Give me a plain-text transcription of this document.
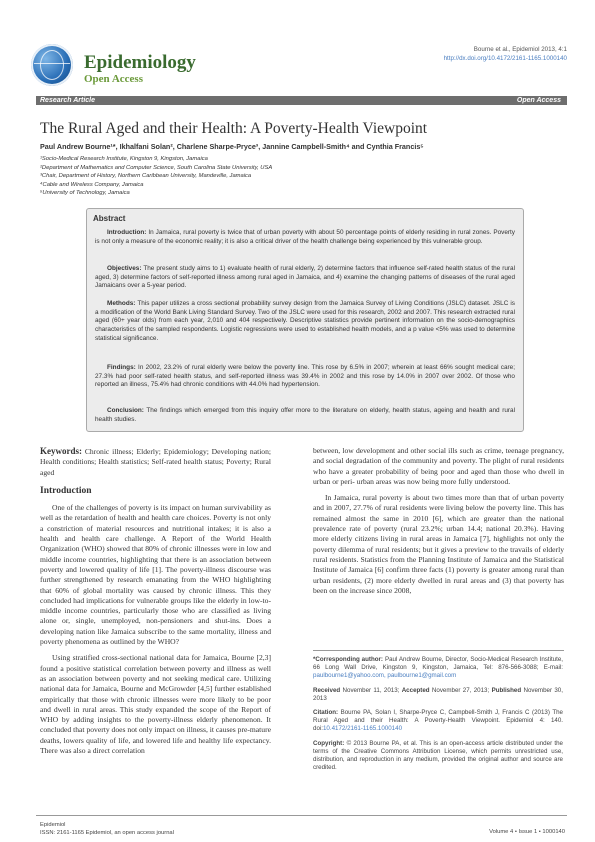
Epidemiology
Open Access
Bourne et al., Epidemiol 2013, 4:1
http://dx.doi.org/10.4172/2161-1165.1000140
Research Article	Open Access
The Rural Aged and their Health: A Poverty-Health Viewpoint
Paul Andrew Bourne¹*, Ikhalfani Solan², Charlene Sharpe-Pryce³, Jannine Campbell-Smith⁴ and Cynthia Francis⁵
¹Socio-Medical Research Institute, Kingston 9, Kingston, Jamaica
²Department of Mathematics and Computer Science, South Carolina State University, USA
³Chair, Department of History, Northern Caribbean University, Mandeville, Jamaica
⁴Cable and Wireless Company, Jamaica
⁵University of Technology, Jamaica
Abstract

Introduction: In Jamaica, rural poverty is twice that of urban poverty with about 50 percentage points of elderly residing in rural zones. Poverty is not only a measure of the economic reality; it is also a critical driver of the health challenge being experienced by this vulnerable group.

Objectives: The present study aims to 1) evaluate health of rural elderly, 2) determine factors that influence self-rated health status of the rural aged, 3) determine factors of self-reported illness among rural aged in Jamaica, and 4) examine the changing patterns of diseases of the rural aged Jamaicans over a 5-year period.

Methods: This paper utilizes a cross sectional probability survey design from the Jamaica Survey of Living Conditions (JSLC) dataset. JSLC is a modification of the World Bank Living Standard Survey. Two of the JSLC were used for this research, 2002 and 2007. This research extracted rural aged (60+ year olds) from each year, 2,010 and 404 respectively. Descriptive statistics provide pertinent information on the socio-demographics characteristics of the sampled respondents. Logistic regressions were used to established health models, and a p value <5% was used to determine statistical significance.

Findings: In 2002, 23.2% of rural elderly were below the poverty line. This rose by 6.5% in 2007; wherein at least 66% sought medical care; 27.3% had poor self-rated health status, and self-reported illness was 39.4% in 2002 and this rose by 14.0% in 2007 over 2002. Of those who reported an illness, 75.4% had chronic conditions with 44.0% had hypertension.

Conclusion: The findings which emerged from this inquiry offer more to the literature on elderly, health status, ageing and health and rural health studies.

Keywords: Chronic illness; Elderly; Epidemiology; Developing nation; Health conditions; Health statistics; Self-rated health status; Poverty; Rural aged
Introduction

One of the challenges of poverty is its impact on human survivability as well as the retardation of health and health care choices. Poverty is not only a constriction of material resources and nutritional intakes; it is also a health and health care challenge. A Report of the World Health Organization (WHO) showed that 80% of chronic illnesses were in low and middle income countries, highlighting that there is an association between poverty and lowered quality of life [1]. The poverty-illness discourse was further strengthened by research emanating from the WHO highlighting that 60% of global mortality was caused by chronic illness. This they concluded had implications for vulnerable groups like the elderly in low-to-middle income countries, particularly those who are classified as living alone or, single, unemployed, non-pensioners and shut-ins. Does a developing nation like Jamaica subscribe to the same mortality, illness and poverty phenomena as outlined by the WHO?

Using stratified cross-sectional national data for Jamaica, Bourne [2,3] found a positive statistical correlation between poverty and illness as well as an association between poverty and not seeking medical care. Utilizing national data for Jamaica, Bourne and McGrowder [4,5] further established empirically that those with chronic illnesses were more likely to be poor and dwell in rural areas. This study expanded the scope of the Report of WHO by adding insights to the poverty-illness elderly phenomenon. It concluded that poverty does not only impact on illness, it causes pre-mature deaths, lowers quality of life, and lowered life and healthy life expectancy. There was also a direct correlation

between, low development and other social ills such as crime, teenage pregnancy, and social degradation of the community and poverty. The plight of rural residents who have a greater probability of being poor and aged than those who dwell in urban or peri- urban areas was now being more fully understood.

In Jamaica, rural poverty is about two times more than that of urban poverty and in 2007, 27.7% of rural residents were living below the poverty line. This has remained almost the same in 2010 [6], which are greater than the national prevalence rate of poverty (rural 23.2%; urban 14.4; national 20.3%). Having more elderly citizens living in rural areas in Jamaica [7], highlights not only the poverty dilemma of rural residents; but it gives a preview to the travails of elderly rural residents. Statistics from the Planning Institute of Jamaica and the Statistical Institute of Jamaica [6] confirm three facts (1) poverty is greater among rural than urban residents, (2) more elderly dwelled in rural areas and (3) that poverty has been on the increase since 2008,

*Corresponding author: Paul Andrew Bourne, Director, Socio-Medical Research Institute, 66 Long Wall Drive, Kingston 9, Kingston, Jamaica, Tel: 876-566-3088; E-mail: paulbourne1@yahoo.com, paulbourne1@gmail.com

Received November 11, 2013; Accepted November 27, 2013; Published November 30, 2013

Citation: Bourne PA, Solan I, Sharpe-Pryce C, Campbell-Smith J, Francis C (2013) The Rural Aged and their Health: A Poverty-Health Viewpoint. Epidemiol 4: 140. doi:10.4172/2161-1165.1000140

Copyright: © 2013 Bourne PA, et al. This is an open-access article distributed under the terms of the Creative Commons Attribution License, which permits unrestricted use, distribution, and reproduction in any medium, provided the original author and source are credited.

Epidemiol
ISSN: 2161-1165 Epidemiol, an open access journal	Volume 4 • Issue 1 • 1000140
